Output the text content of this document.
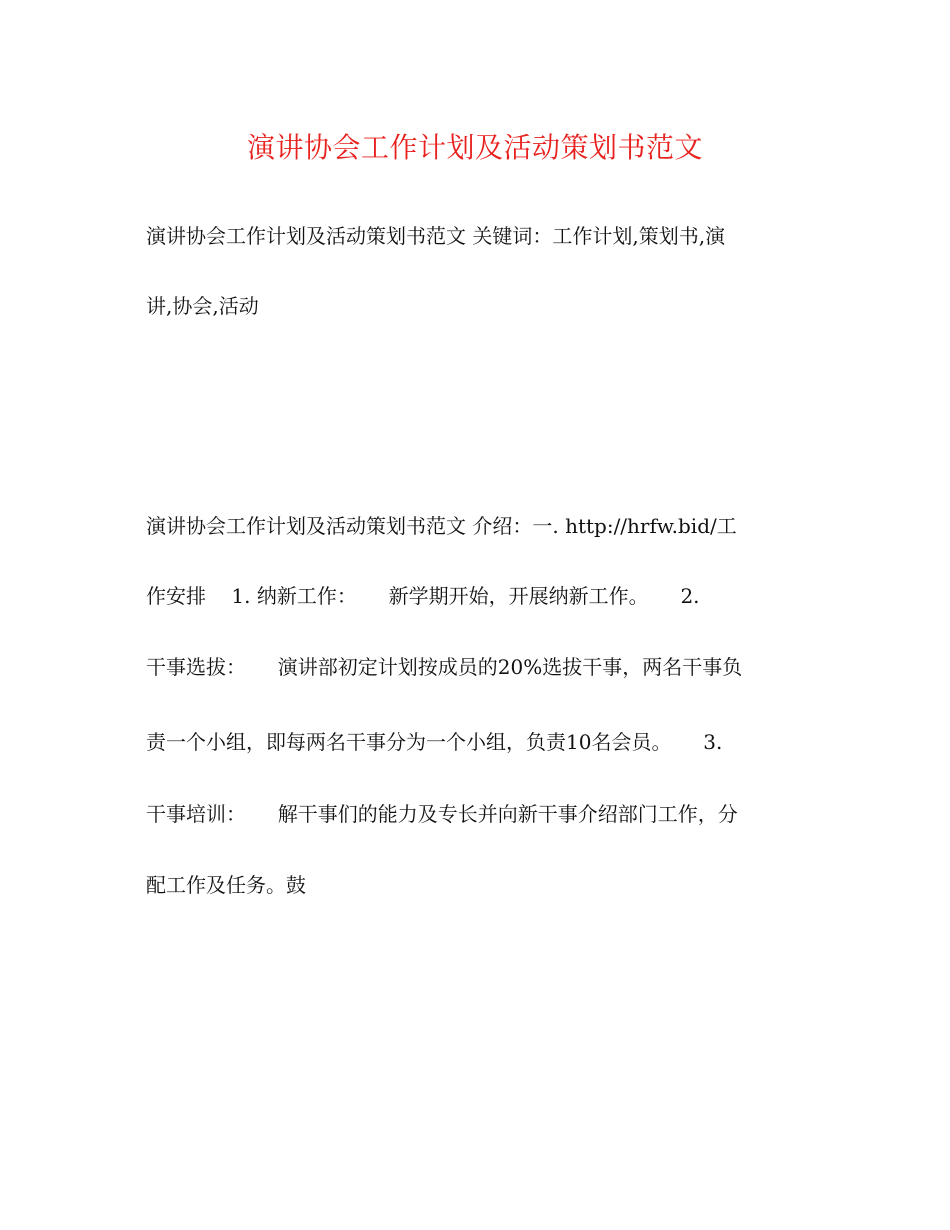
演讲协会工作计划及活动策划书范文

演讲协会工作计划及活动策划书范文 关键词：工作计划,策划书,演

讲,协会,活动

演讲协会工作计划及活动策划书范文 介绍：一. http://hrfw.bid/工

作安排    1. 纳新工作：     新学期开始，开展纳新工作。     2.

干事选拔：     演讲部初定计划按成员的20%选拔干事，两名干事负

责一个小组，即每两名干事分为一个小组，负责10名会员。     3.

干事培训：     解干事们的能力及专长并向新干事介绍部门工作，分

配工作及任务。鼓
